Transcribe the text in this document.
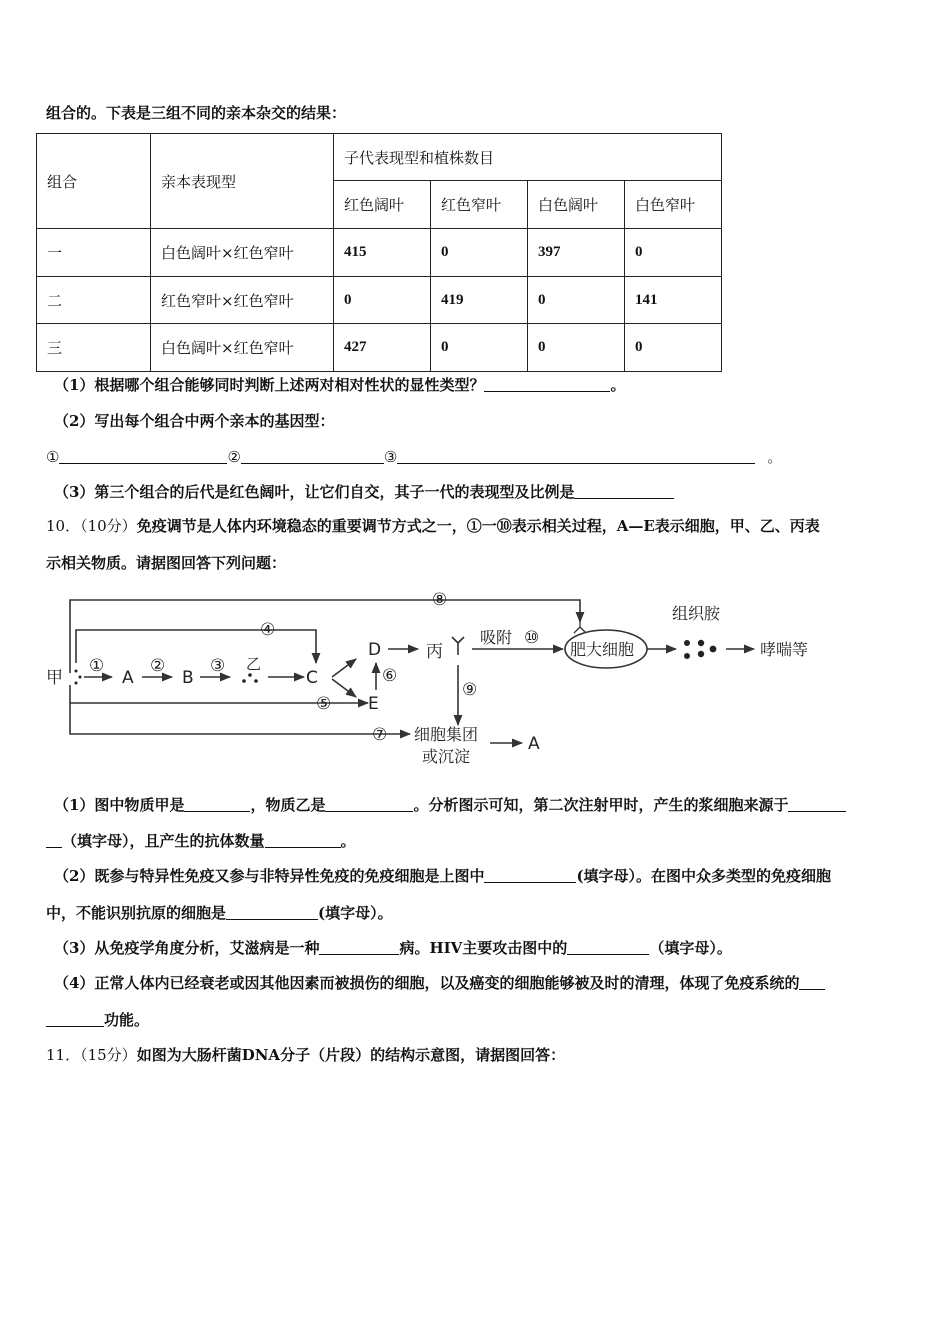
组合的。下表是三组不同的亲本杂交的结果：
组合	亲本表现型	子代表现型和植株数目			
		红色阔叶	红色窄叶	白色阔叶	白色窄叶
一	白色阔叶×红色窄叶	415	0	397	0
二	红色窄叶×红色窄叶	0	419	0	141
三	白色阔叶×红色窄叶	427	0	0	0
（1）根据哪个组合能够同时判断上述两对相对性状的显性类型？	。
（2）写出每个组合中两个亲本的基因型：
①	②	③	。
（3）第三个组合的后代是红色阔叶，让它们自交，其子一代的表现型及比例是
10．（10分）免疫调节是人体内环境稳态的重要调节方式之一，①一⑩表示相关过程，A—E表示细胞，甲、乙、丙表
示相关物质。请据图回答下列问题：
甲	A	B
乙
C
D
E
丙
吸附
肥大细胞
组织胺
哮喘等
细胞集团
或沉淀
A
⑧
④
①	②	③	⑥
⑤
⑦
⑨
⑩
（1）图中物质甲是	，物质乙是	。分析图示可知，第二次注射甲时，产生的浆细胞来源于
（填字母），且产生的抗体数量	。
（2）既参与特异性免疫又参与非特异性免疫的免疫细胞是上图中	(填字母）。在图中众多类型的免疫细胞
中，不能识别抗原的细胞是	(填字母）。
（3）从免疫学角度分析，艾滋病是一种	病。HIV主要攻击图中的	（填字母）。
（4）正常人体内已经衰老或因其他因素而被损伤的细胞，以及癌变的细胞能够被及时的清理，体现了免疫系统的
功能。
11．（15分）如图为大肠杆菌DNA分子（片段）的结构示意图，请据图回答：
